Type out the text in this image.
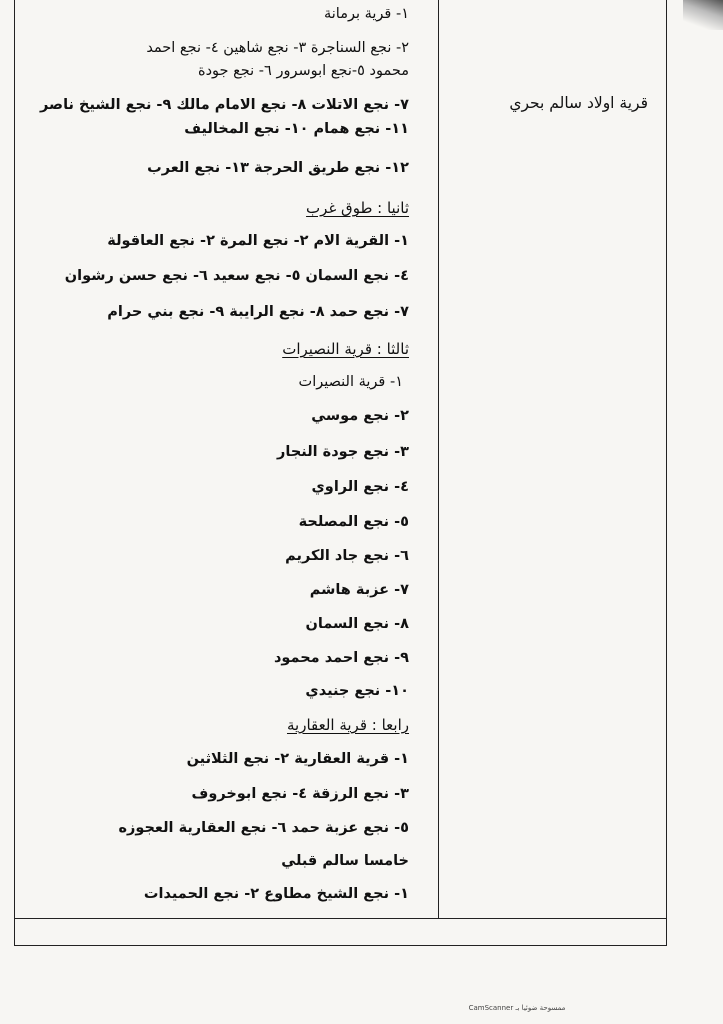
قرية اولاد سالم بحري
١- قرية برمانة
٢- نجع السناجرة ٣- نجع شاهين ٤- نجع احمد
محمود ٥-نجع ابوسرور ٦- نجع جودة
٧- نجع الاتلات ٨- نجع الامام مالك ٩- نجع الشيخ ناصر
١١- نجع همام ١٠- نجع المخاليف
١٢- نجع طريق الحرجة ١٣- نجع العرب
ثانيا : طوق غرب
١- القرية الام ٢- نجع المرة ٢- نجع العاقولة
٤- نجع السمان ٥- نجع سعيد ٦- نجع حسن رشوان
٧- نجع حمد ٨- نجع الرايبة ٩- نجع بني حرام
ثالثا : قرية النصيرات
١- قرية النصيرات
٢- نجع موسي
٣- نجع جودة النجار
٤- نجع الراوي
٥- نجع المصلحة
٦- نجع جاد الكريم
٧- عزبة هاشم
٨- نجع السمان
٩- نجع احمد محمود
١٠- نجع جنيدي
رابعا : قرية العقارية
١- قرية العقارية ٢- نجع الثلاثين
٣- نجع الرزقة ٤- نجع ابوخروف
٥- نجع عزبة حمد ٦- نجع العقارية العجوزه
خامسا سالم قبلي
١- نجع الشيخ مطاوع ٢- نجع الحميدات
ممسوحة ضوئيا بـ CamScanner
